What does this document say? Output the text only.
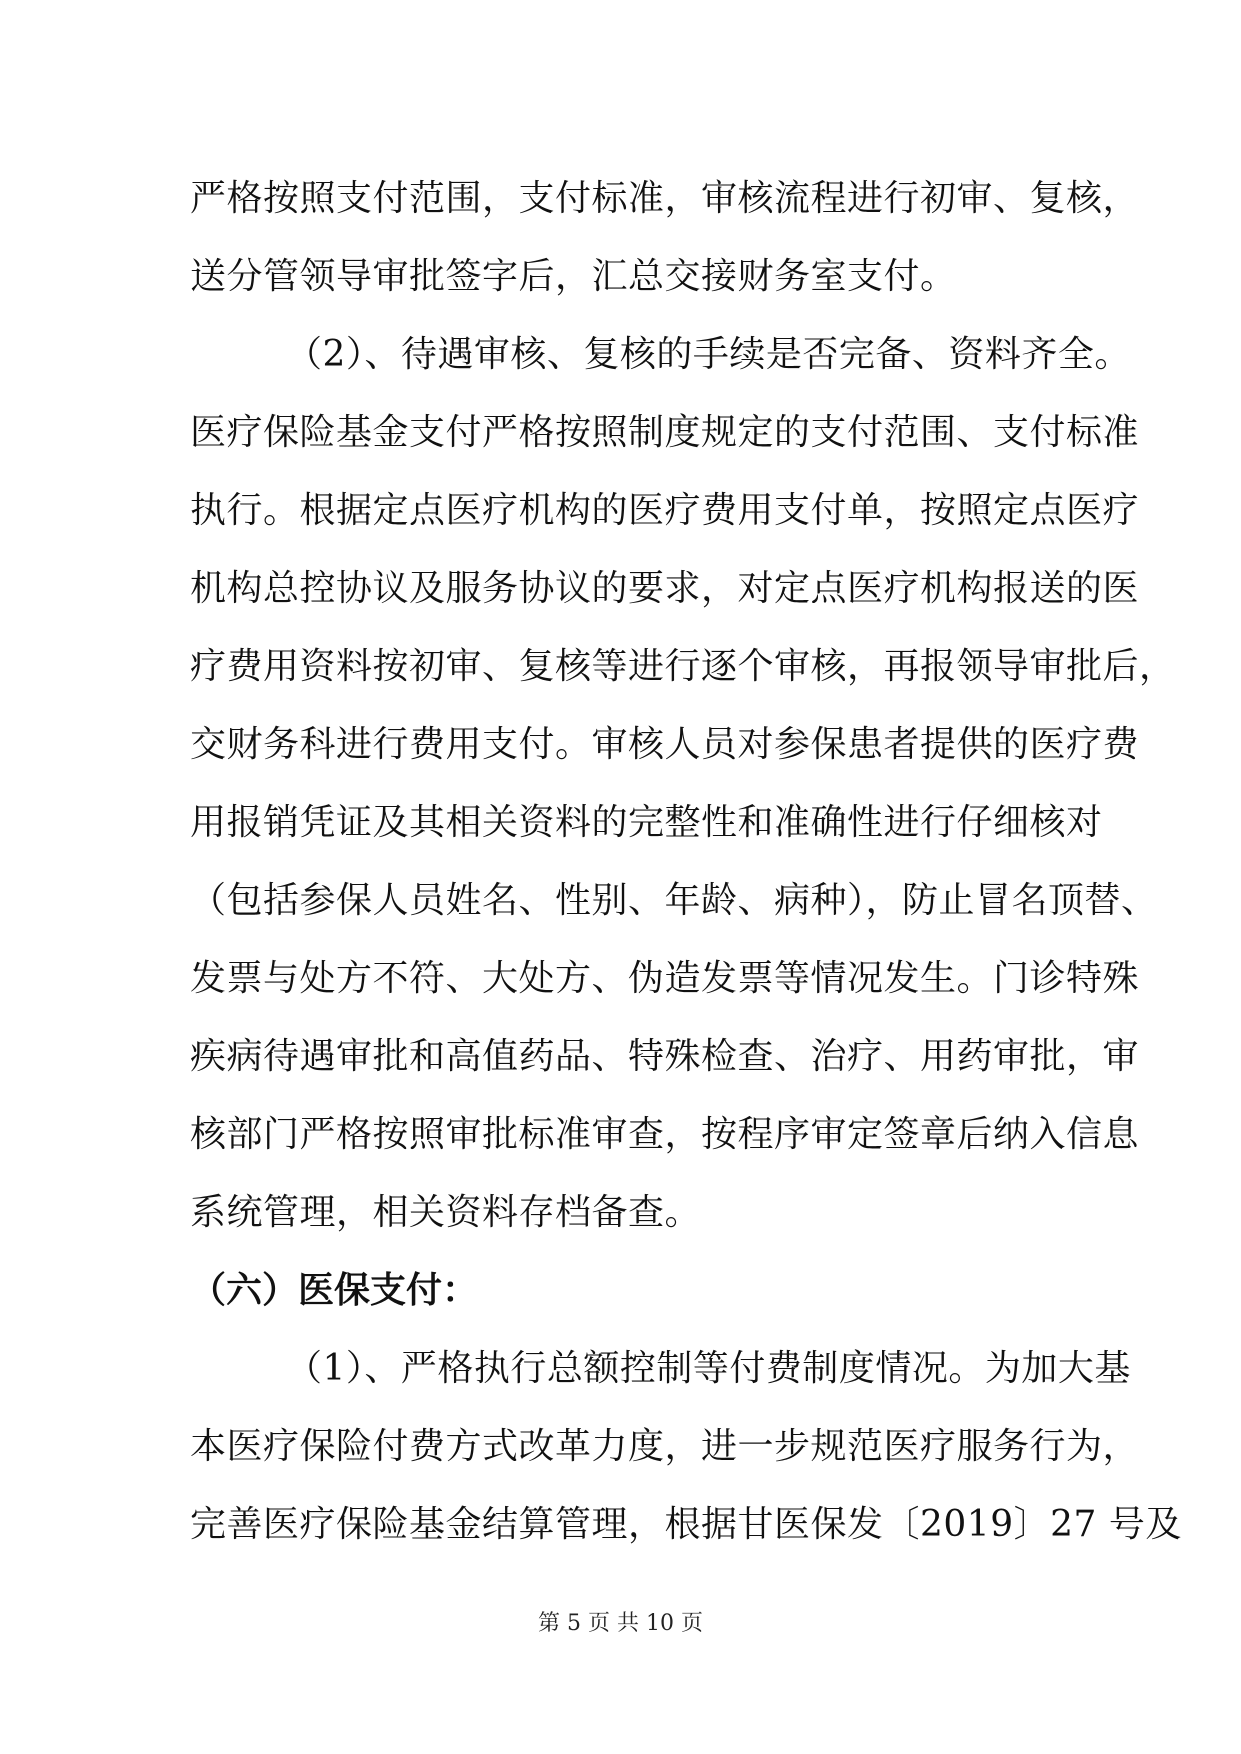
严格按照支付范围，支付标准，审核流程进行初审、复核，
送分管领导审批签字后，汇总交接财务室支付。
（2）、待遇审核、复核的手续是否完备、资料齐全。
医疗保险基金支付严格按照制度规定的支付范围、支付标准
执行。根据定点医疗机构的医疗费用支付单，按照定点医疗
机构总控协议及服务协议的要求，对定点医疗机构报送的医
疗费用资料按初审、复核等进行逐个审核，再报领导审批后，
交财务科进行费用支付。审核人员对参保患者提供的医疗费
用报销凭证及其相关资料的完整性和准确性进行仔细核对
（包括参保人员姓名、性别、年龄、病种），防止冒名顶替、
发票与处方不符、大处方、伪造发票等情况发生。门诊特殊
疾病待遇审批和高值药品、特殊检查、治疗、用药审批，审
核部门严格按照审批标准审查，按程序审定签章后纳入信息
系统管理，相关资料存档备查。
（六）医保支付：
（1）、严格执行总额控制等付费制度情况。为加大基
本医疗保险付费方式改革力度，进一步规范医疗服务行为，
完善医疗保险基金结算管理，根据甘医保发〔2019〕27 号及
第 5 页 共 10 页
